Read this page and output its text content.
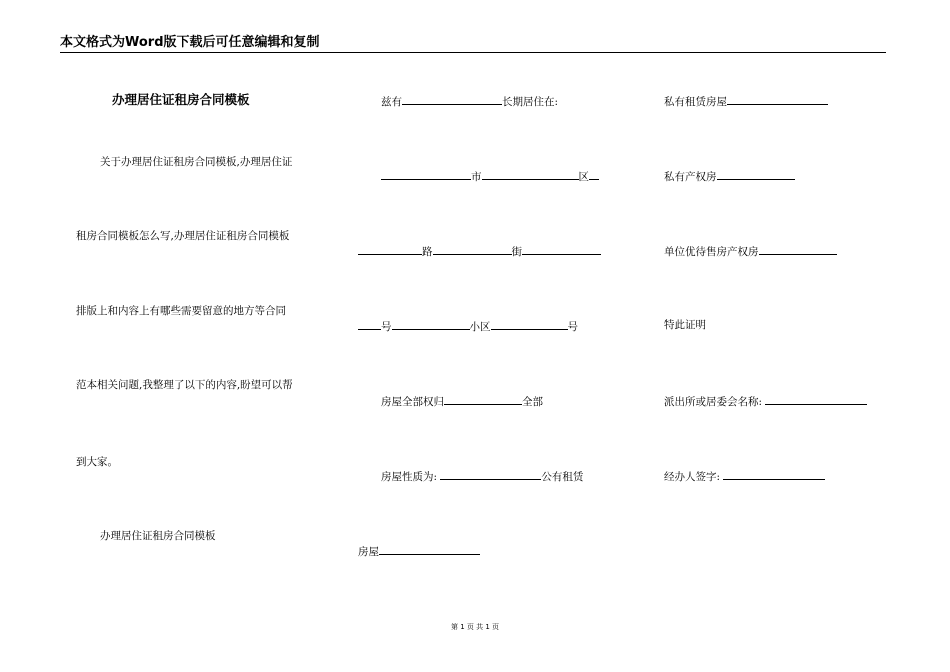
本文格式为Word版下载后可任意编辑和复制
办理居住证租房合同模板
关于办理居住证租房合同模板,办理居住证
租房合同模板怎么写,办理居住证租房合同模板
排版上和内容上有哪些需要留意的地方等合同
范本相关问题,我整理了以下的内容,盼望可以帮
到大家。
办理居住证租房合同模板
兹有	长期居住在:
市	区
路	街
号	小区	号
房屋全部权归	全部
房屋性质为:	公有租赁
房屋
私有租赁房屋
私有产权房
单位优待售房产权房
特此证明
派出所或居委会名称:
经办人签字:
第 1 页 共 1 页
